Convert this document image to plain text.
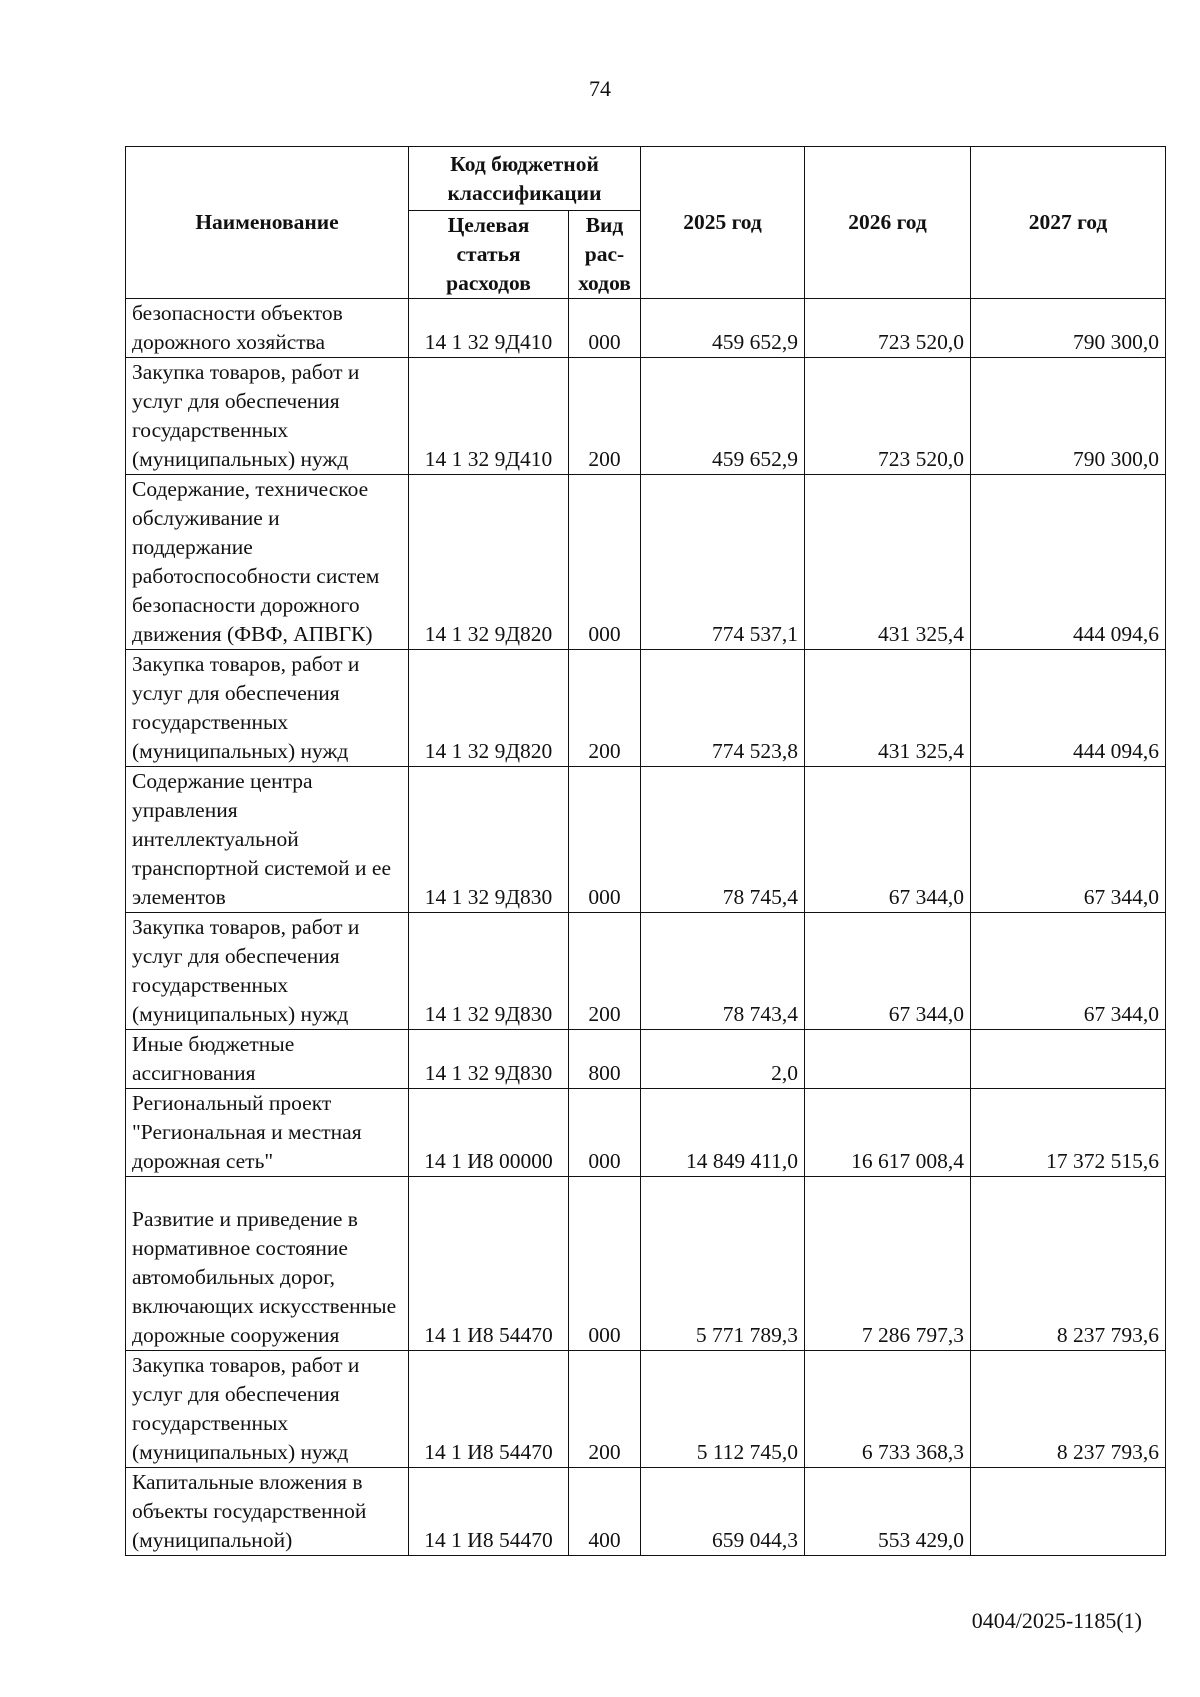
74
Наименование	Код бюджетной классификации		2025 год	2026 год	2027 год
	Целевая статья расходов	Вид рас-ходов			
безопасности объектов дорожного хозяйства	14 1 32 9Д410	000	459 652,9	723 520,0	790 300,0
Закупка товаров, работ и услуг для обеспечения государственных (муниципальных) нужд	14 1 32 9Д410	200	459 652,9	723 520,0	790 300,0
Содержание, техническое обслуживание и поддержание работоспособности систем безопасности дорожного движения (ФВФ, АПВГК)	14 1 32 9Д820	000	774 537,1	431 325,4	444 094,6
Закупка товаров, работ и услуг для обеспечения государственных (муниципальных) нужд	14 1 32 9Д820	200	774 523,8	431 325,4	444 094,6
Содержание центра управления интеллектуальной транспортной системой и ее элементов	14 1 32 9Д830	000	78 745,4	67 344,0	67 344,0
Закупка товаров, работ и услуг для обеспечения государственных (муниципальных) нужд	14 1 32 9Д830	200	78 743,4	67 344,0	67 344,0
Иные бюджетные ассигнования	14 1 32 9Д830	800	2,0		
Региональный проект "Региональная и местная дорожная сеть"	14 1 И8 00000	000	14 849 411,0	16 617 008,4	17 372 515,6
Развитие и приведение в нормативное состояние автомобильных дорог, включающих искусственные дорожные сооружения	14 1 И8 54470	000	5 771 789,3	7 286 797,3	8 237 793,6
Закупка товаров, работ и услуг для обеспечения государственных (муниципальных) нужд	14 1 И8 54470	200	5 112 745,0	6 733 368,3	8 237 793,6
Капитальные вложения в объекты государственной (муниципальной)	14 1 И8 54470	400	659 044,3	553 429,0	
0404/2025-1185(1)
